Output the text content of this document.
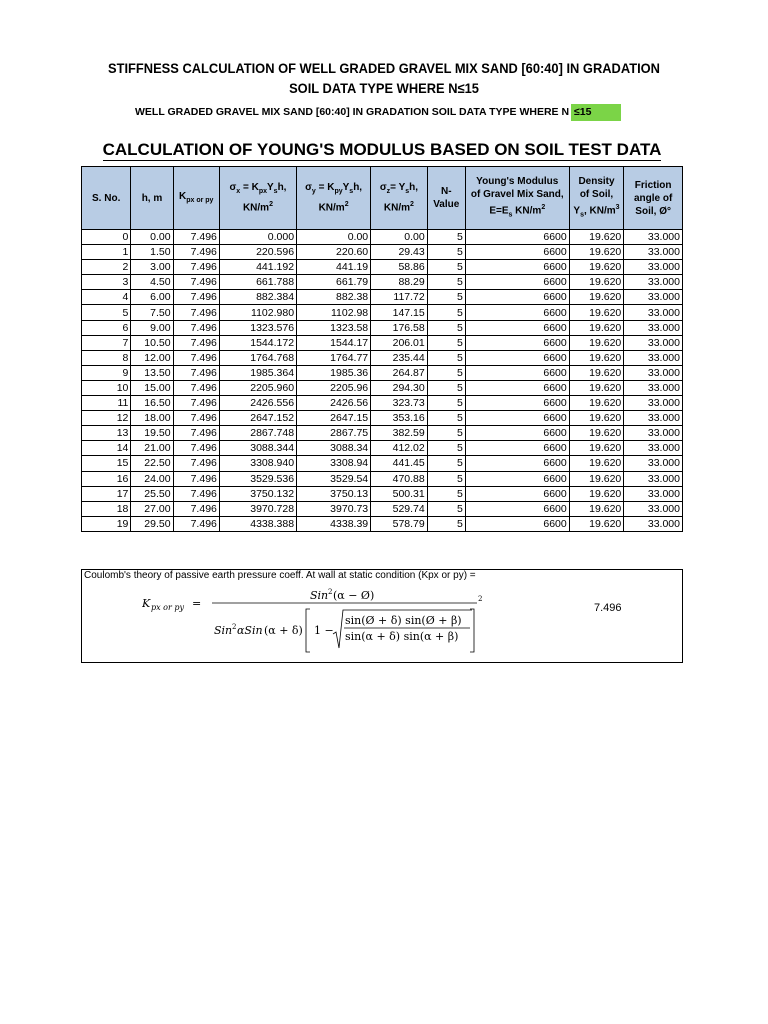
STIFFNESS CALCULATION OF WELL GRADED GRAVEL MIX SAND [60:40] IN GRADATION
SOIL DATA TYPE WHERE N≤15
WELL GRADED GRAVEL MIX SAND [60:40] IN GRADATION SOIL DATA TYPE WHERE N ≤15
CALCULATION OF YOUNG'S MODULUS BASED ON SOIL TEST DATA
S. No.	h, m	$K_{px or py}$	$\sigma_x = K_{px}Y_sh$,
$KN/m^2$	$\sigma_y = K_{py}Y_sh$,
$KN/m^2$	$\sigma_z= Y_sh$,
$KN/m^2$	N-
Value	Young's Modulus
of Gravel Mix Sand,
$E=E_s$ $KN/m^2$	Density
of Soil,
$Y_s$, $KN/m^3$	Friction
angle of
Soil, Ø°
0	0.00	7.496	0.000	0.00	0.00	5	6600	19.620	33.000
1	1.50	7.496	220.596	220.60	29.43	5	6600	19.620	33.000
2	3.00	7.496	441.192	441.19	58.86	5	6600	19.620	33.000
3	4.50	7.496	661.788	661.79	88.29	5	6600	19.620	33.000
4	6.00	7.496	882.384	882.38	117.72	5	6600	19.620	33.000
5	7.50	7.496	1102.980	1102.98	147.15	5	6600	19.620	33.000
6	9.00	7.496	1323.576	1323.58	176.58	5	6600	19.620	33.000
7	10.50	7.496	1544.172	1544.17	206.01	5	6600	19.620	33.000
8	12.00	7.496	1764.768	1764.77	235.44	5	6600	19.620	33.000
9	13.50	7.496	1985.364	1985.36	264.87	5	6600	19.620	33.000
10	15.00	7.496	2205.960	2205.96	294.30	5	6600	19.620	33.000
11	16.50	7.496	2426.556	2426.56	323.73	5	6600	19.620	33.000
12	18.00	7.496	2647.152	2647.15	353.16	5	6600	19.620	33.000
13	19.50	7.496	2867.748	2867.75	382.59	5	6600	19.620	33.000
14	21.00	7.496	3088.344	3088.34	412.02	5	6600	19.620	33.000
15	22.50	7.496	3308.940	3308.94	441.45	5	6600	19.620	33.000
16	24.00	7.496	3529.536	3529.54	470.88	5	6600	19.620	33.000
17	25.50	7.496	3750.132	3750.13	500.31	5	6600	19.620	33.000
18	27.00	7.496	3970.728	3970.73	529.74	5	6600	19.620	33.000
19	29.50	7.496	4338.388	4338.39	578.79	5	6600	19.620	33.000
Coulomb's theory of passive earth pressure coeff. At wall at static condition (Kpx or py) =
K px or py =
Sin 2 (α − Ø)	2
Sin 2 αSin (α + δ) 1 −
sin(Ø + δ) sin(Ø + β)
sin(α + δ) sin(α + β)
7.496
